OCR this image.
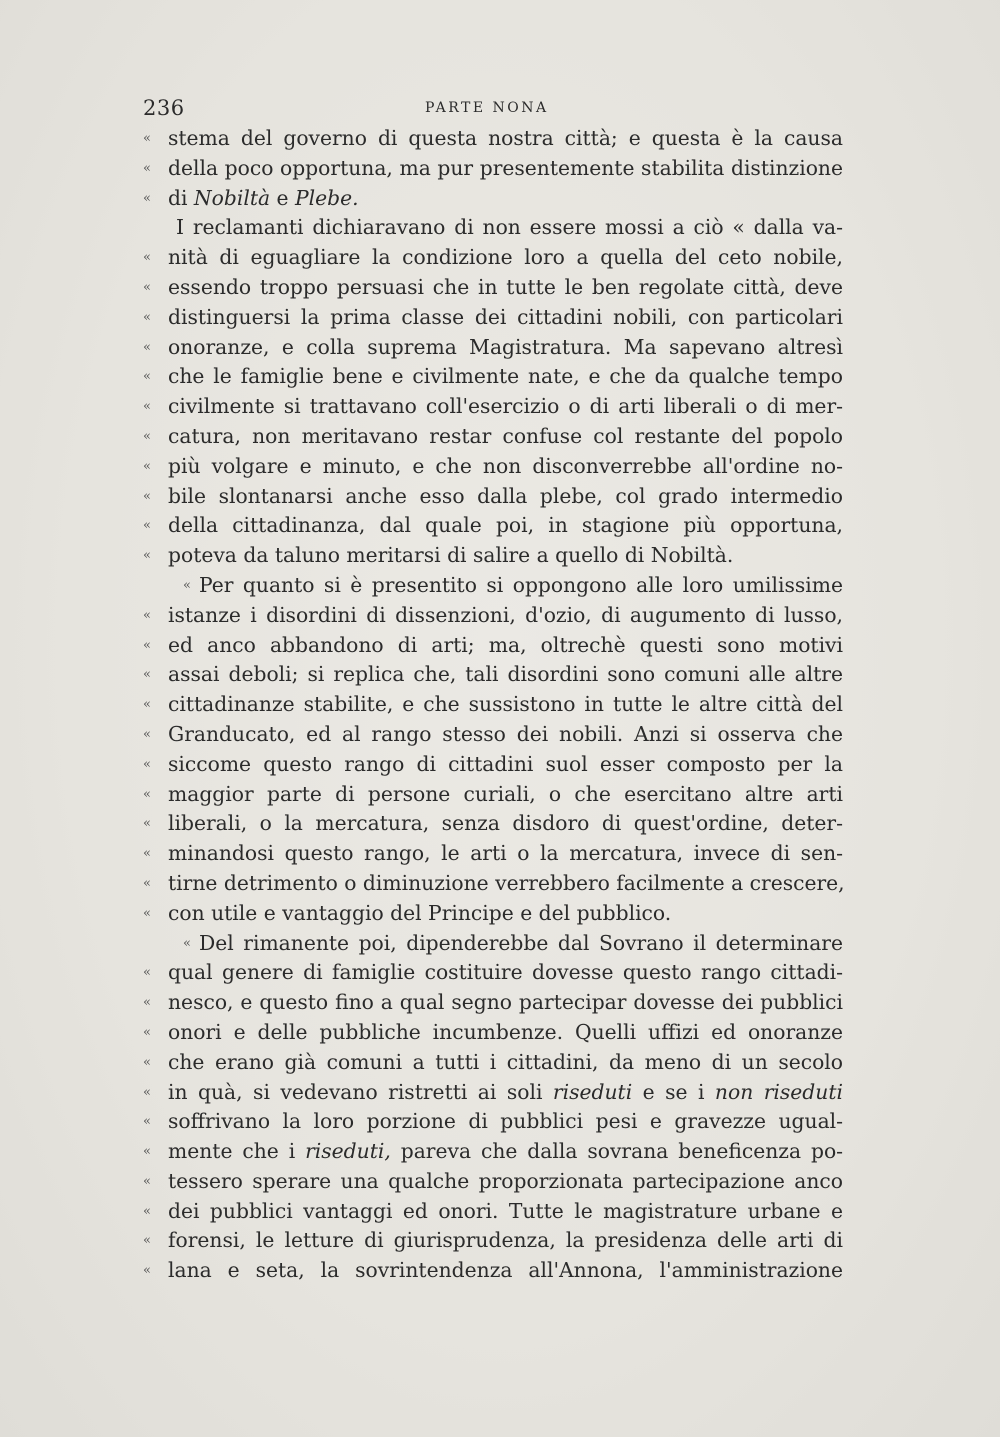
236	PARTE NONA
« stema del governo di questa nostra città; e questa è la causa
« della poco opportuna, ma pur presentemente stabilita distinzione
« di Nobiltà e Plebe.
I reclamanti dichiaravano di non essere mossi a ciò « dalla va-
« nità di eguagliare la condizione loro a quella del ceto nobile,
« essendo troppo persuasi che in tutte le ben regolate città, deve
« distinguersi la prima classe dei cittadini nobili, con particolari
« onoranze, e colla suprema Magistratura. Ma sapevano altresì
« che le famiglie bene e civilmente nate, e che da qualche tempo
« civilmente si trattavano coll'esercizio o di arti liberali o di mer-
« catura, non meritavano restar confuse col restante del popolo
« più volgare e minuto, e che non disconverrebbe all'ordine no-
« bile slontanarsi anche esso dalla plebe, col grado intermedio
« della cittadinanza, dal quale poi, in stagione più opportuna,
« poteva da taluno meritarsi di salire a quello di Nobiltà.
« Per quanto si è presentito si oppongono alle loro umilissime
« istanze i disordini di dissenzioni, d'ozio, di augumento di lusso,
« ed anco abbandono di arti; ma, oltrechè questi sono motivi
« assai deboli; si replica che, tali disordini sono comuni alle altre
« cittadinanze stabilite, e che sussistono in tutte le altre città del
« Granducato, ed al rango stesso dei nobili. Anzi si osserva che
« siccome questo rango di cittadini suol esser composto per la
« maggior parte di persone curiali, o che esercitano altre arti
« liberali, o la mercatura, senza disdoro di quest'ordine, deter-
« minandosi questo rango, le arti o la mercatura, invece di sen-
« tirne detrimento o diminuzione verrebbero facilmente a crescere,
« con utile e vantaggio del Principe e del pubblico.
« Del rimanente poi, dipenderebbe dal Sovrano il determinare
« qual genere di famiglie costituire dovesse questo rango cittadi-
« nesco, e questo fino a qual segno partecipar dovesse dei pubblici
« onori e delle pubbliche incumbenze. Quelli uffizi ed onoranze
« che erano già comuni a tutti i cittadini, da meno di un secolo
« in quà, si vedevano ristretti ai soli riseduti e se i non riseduti
« soffrivano la loro porzione di pubblici pesi e gravezze ugual-
« mente che i riseduti, pareva che dalla sovrana beneficenza po-
« tessero sperare una qualche proporzionata partecipazione anco
« dei pubblici vantaggi ed onori. Tutte le magistrature urbane e
« forensi, le letture di giurisprudenza, la presidenza delle arti di
« lana e seta, la sovrintendenza all'Annona, l'amministrazione
